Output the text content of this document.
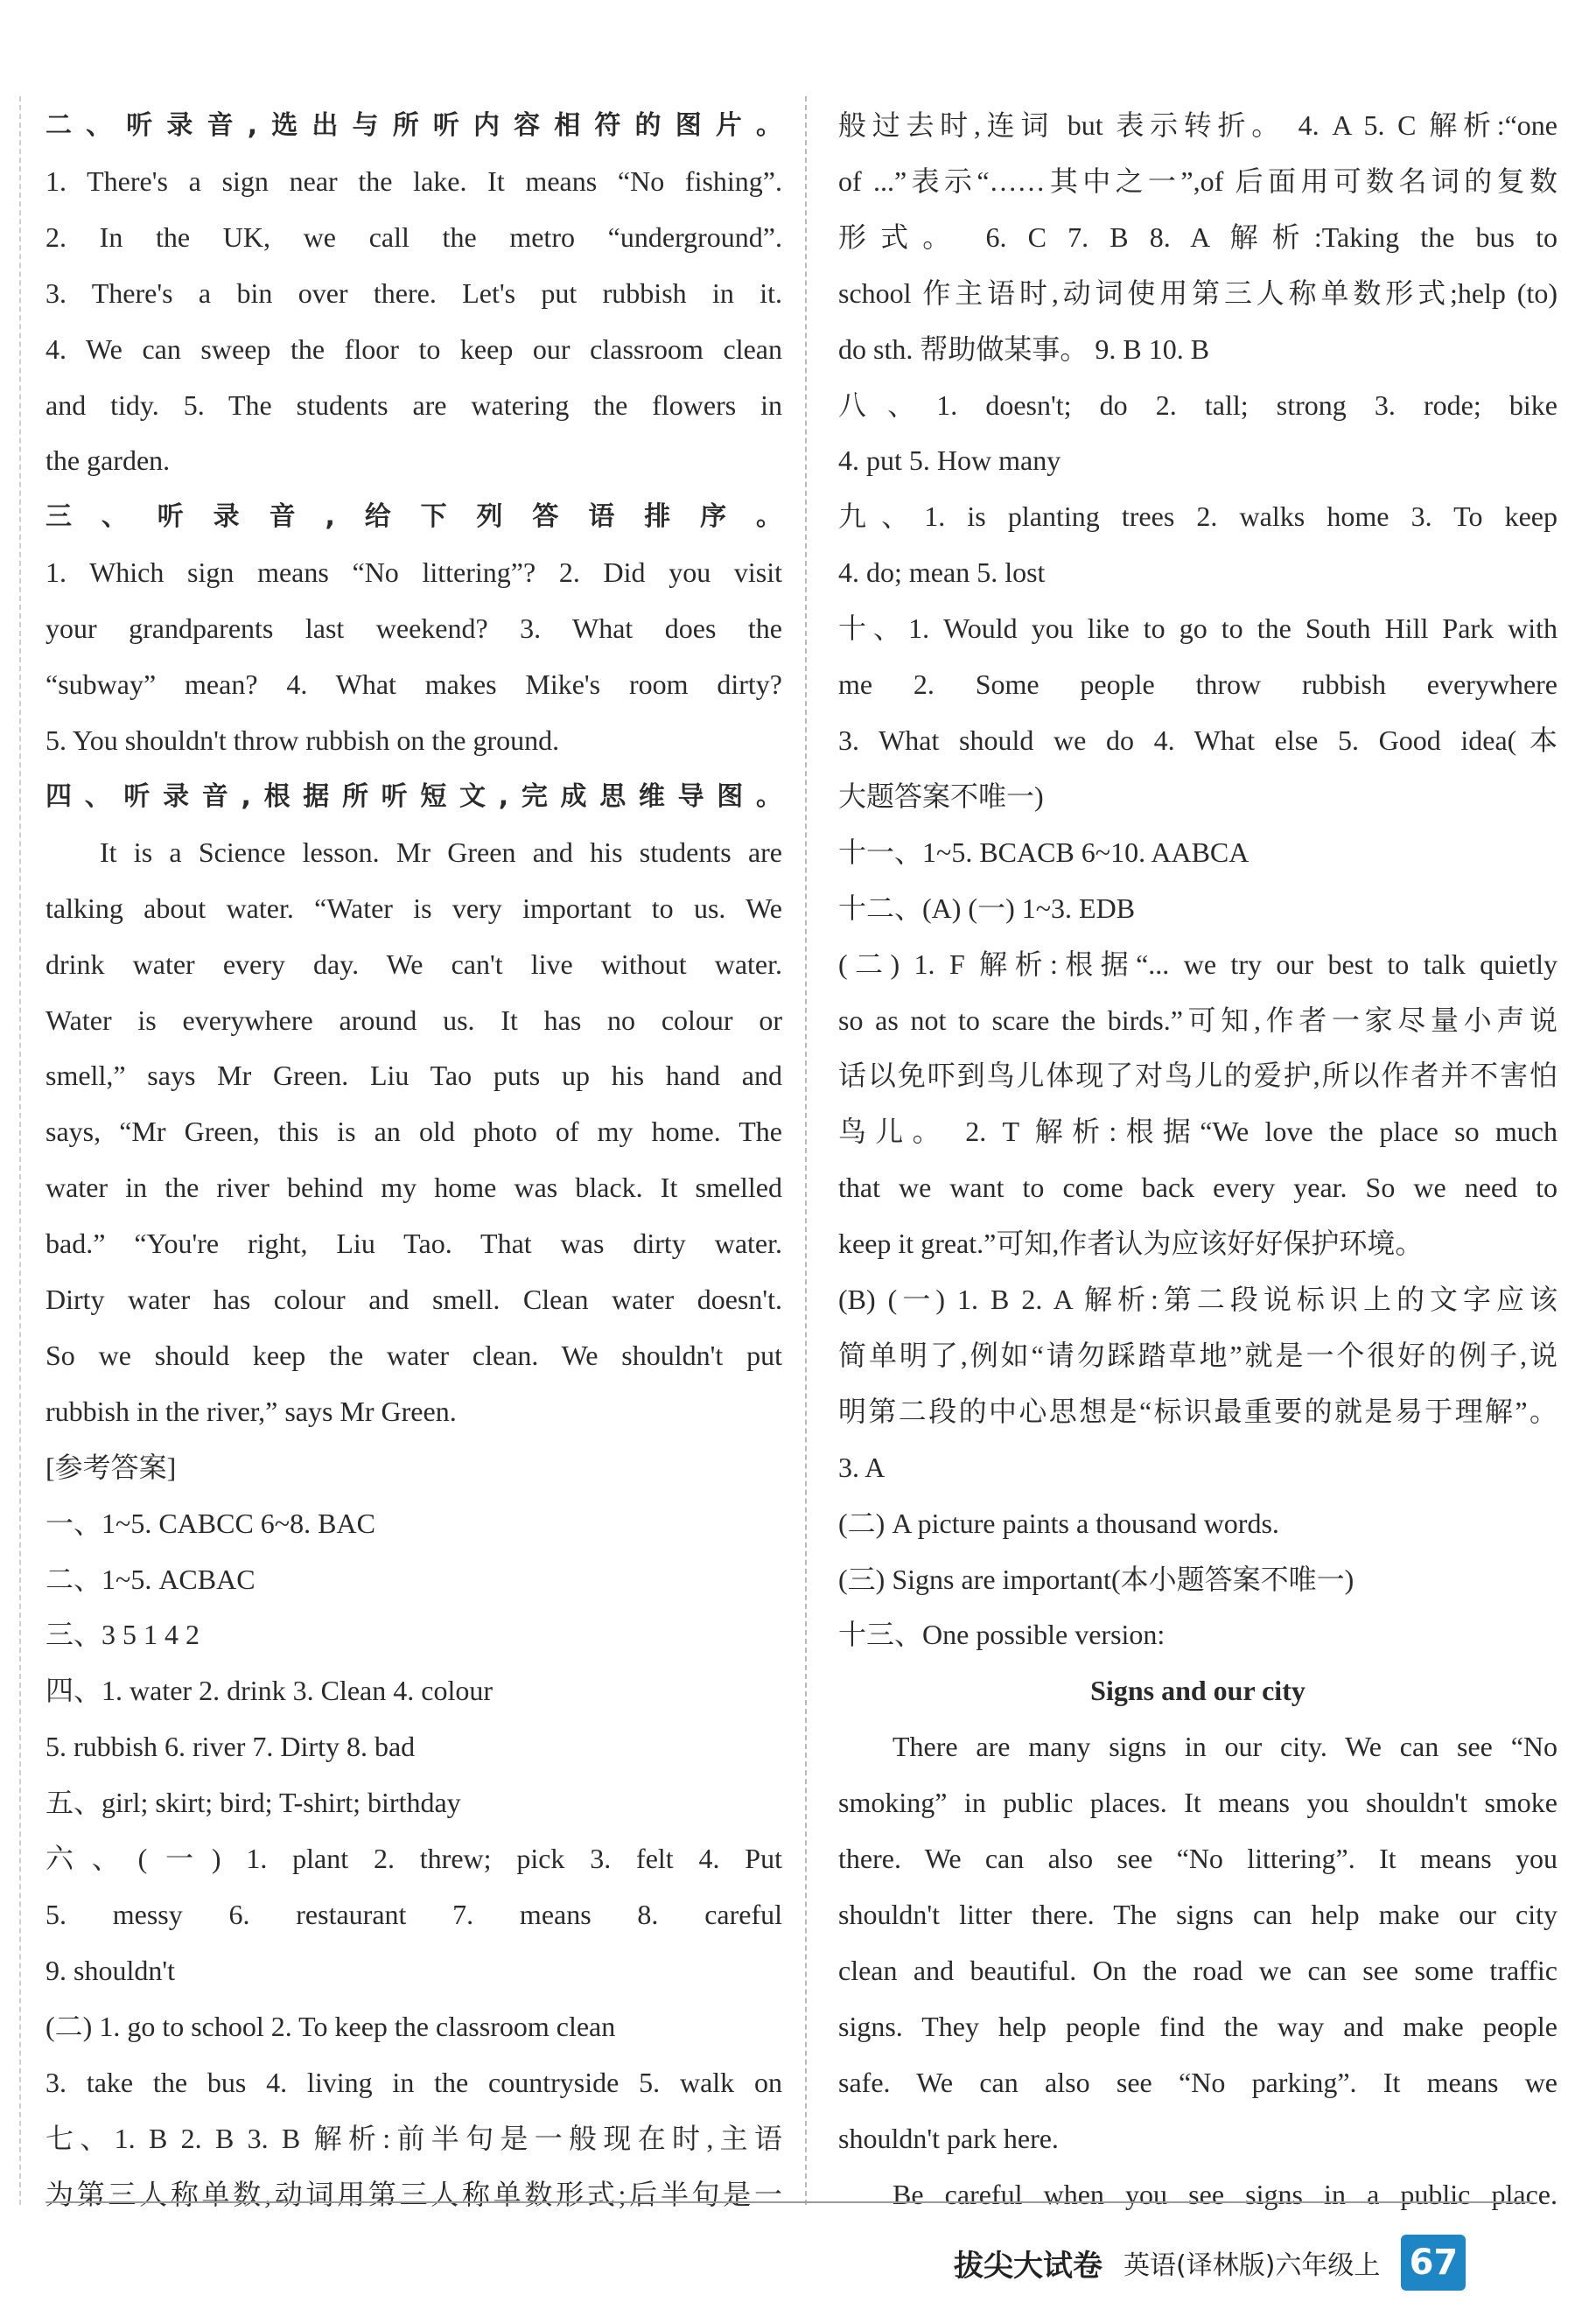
二、听录音,选出与所听内容相符的图片。
1. There's a sign near the lake. It means “No fishing”.
2. In the UK, we call the metro “underground”.
3. There's a bin over there. Let's put rubbish in it.
4. We can sweep the floor to keep our classroom clean
and tidy. 5. The students are watering the flowers in
the garden.
三、听录音,给下列答语排序。
1. Which sign means “No littering”? 2. Did you visit
your grandparents last weekend? 3. What does the
“subway” mean? 4. What makes Mike's room dirty?
5. You shouldn't throw rubbish on the ground.
四、听录音,根据所听短文,完成思维导图。
It is a Science lesson. Mr Green and his students are
talking about water. “Water is very important to us. We
drink water every day. We can't live without water.
Water is everywhere around us. It has no colour or
smell,” says Mr Green. Liu Tao puts up his hand and
says, “Mr Green, this is an old photo of my home. The
water in the river behind my home was black. It smelled
bad.” “You're right, Liu Tao. That was dirty water.
Dirty water has colour and smell. Clean water doesn't.
So we should keep the water clean. We shouldn't put
rubbish in the river,” says Mr Green.
[参考答案]
一、1~5. CABCC 6~8. BAC
二、1~5. ACBAC
三、3 5 1 4 2
四、1. water 2. drink 3. Clean 4. colour
5. rubbish 6. river 7. Dirty 8. bad
五、girl; skirt; bird; T-shirt; birthday
六、(一) 1. plant 2. threw; pick 3. felt 4. Put
5. messy 6. restaurant 7. means 8. careful
9. shouldn't
(二) 1. go to school 2. To keep the classroom clean
3. take the bus 4. living in the countryside 5. walk on
七、1. B 2. B 3. B 解析:前半句是一般现在时,主语
为第三人称单数,动词用第三人称单数形式;后半句是一
般过去时,连词 but 表示转折。 4. A 5. C 解析:“one
of ...”表示“……其中之一”,of 后面用可数名词的复数
形式。 6. C 7. B 8. A 解析:Taking the bus to
school 作主语时,动词使用第三人称单数形式;help (to)
do sth. 帮助做某事。 9. B 10. B
八、1. doesn't; do 2. tall; strong 3. rode; bike
4. put 5. How many
九、1. is planting trees 2. walks home 3. To keep
4. do; mean 5. lost
十、1. Would you like to go to the South Hill Park with
me 2. Some people throw rubbish everywhere
3. What should we do 4. What else 5. Good idea(本
大题答案不唯一)
十一、1~5. BCACB 6~10. AABCA
十二、(A) (一) 1~3. EDB
(二) 1. F 解析:根据“... we try our best to talk quietly
so as not to scare the birds.”可知,作者一家尽量小声说
话以免吓到鸟儿体现了对鸟儿的爱护,所以作者并不害怕
鸟儿。 2. T 解析:根据“We love the place so much
that we want to come back every year. So we need to
keep it great.”可知,作者认为应该好好保护环境。
(B) (一) 1. B 2. A 解析:第二段说标识上的文字应该
简单明了,例如“请勿踩踏草地”就是一个很好的例子,说
明第二段的中心思想是“标识最重要的就是易于理解”。
3. A
(二) A picture paints a thousand words.
(三) Signs are important(本小题答案不唯一)
十三、One possible version:
Signs and our city
There are many signs in our city. We can see “No
smoking” in public places. It means you shouldn't smoke
there. We can also see “No littering”. It means you
shouldn't litter there. The signs can help make our city
clean and beautiful. On the road we can see some traffic
signs. They help people find the way and make people
safe. We can also see “No parking”. It means we
shouldn't park here.
Be careful when you see signs in a public place.
拔尖大试卷 英语(译林版)六年级上 67
